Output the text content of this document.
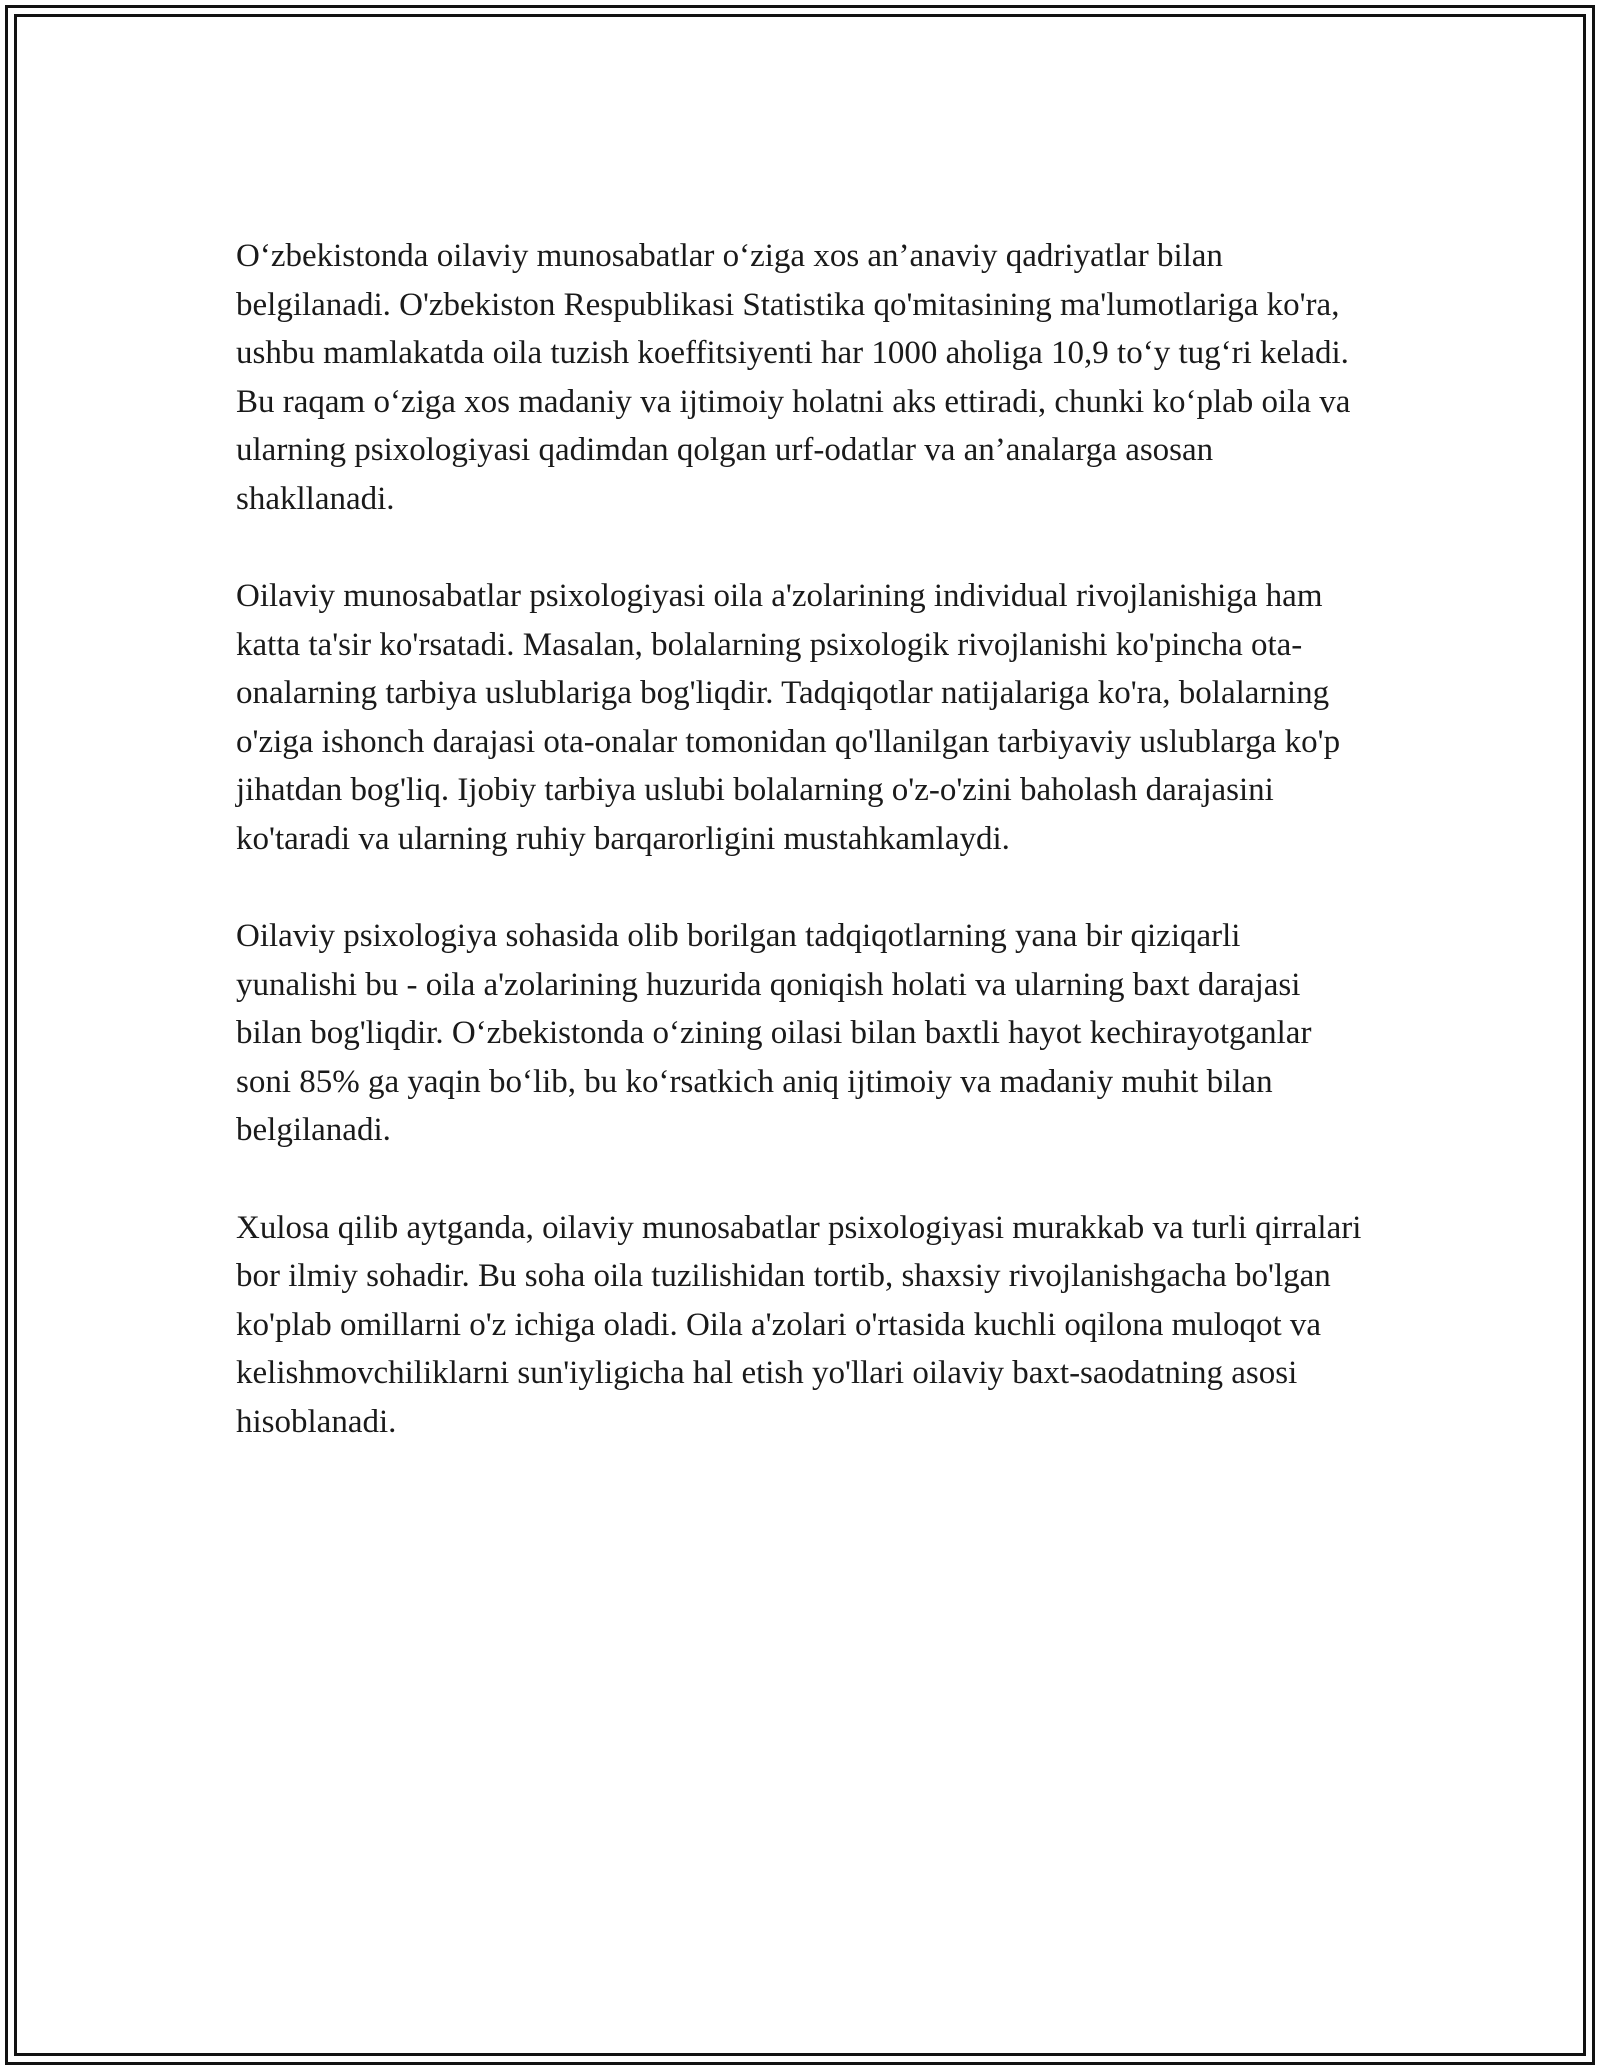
O‘zbekistonda oilaviy munosabatlar o‘ziga xos an’anaviy qadriyatlar bilan belgilanadi. O'zbekiston Respublikasi Statistika qo'mitasining ma'lumotlariga ko'ra, ushbu mamlakatda oila tuzish koeffitsiyenti har 1000 aholiga 10,9 to‘y tug‘ri keladi. Bu raqam o‘ziga xos madaniy va ijtimoiy holatni aks ettiradi, chunki ko‘plab oila va ularning psixologiyasi qadimdan qolgan urf-odatlar va an’analarga asosan shakllanadi.

Oilaviy munosabatlar psixologiyasi oila a'zolarining individual rivojlanishiga ham katta ta'sir ko'rsatadi. Masalan, bolalarning psixologik rivojlanishi ko'pincha ota-onalarning tarbiya uslublariga bog'liqdir. Tadqiqotlar natijalariga ko'ra, bolalarning o'ziga ishonch darajasi ota-onalar tomonidan qo'llanilgan tarbiyaviy uslublarga ko'p jihatdan bog'liq. Ijobiy tarbiya uslubi bolalarning o'z-o'zini baholash darajasini ko'taradi va ularning ruhiy barqarorligini mustahkamlaydi.

Oilaviy psixologiya sohasida olib borilgan tadqiqotlarning yana bir qiziqarli yunalishi bu - oila a'zolarining huzurida qoniqish holati va ularning baxt darajasi bilan bog'liqdir. O‘zbekistonda o‘zining oilasi bilan baxtli hayot kechirayotganlar soni 85% ga yaqin bo‘lib, bu ko‘rsatkich aniq ijtimoiy va madaniy muhit bilan belgilanadi.

Xulosa qilib aytganda, oilaviy munosabatlar psixologiyasi murakkab va turli qirralari bor ilmiy sohadir. Bu soha oila tuzilishidan tortib, shaxsiy rivojlanishgacha bo'lgan ko'plab omillarni o'z ichiga oladi. Oila a'zolari o'rtasida kuchli oqilona muloqot va kelishmovchiliklarni sun'iyligicha hal etish yo'llari oilaviy baxt-saodatning asosi hisoblanadi.
